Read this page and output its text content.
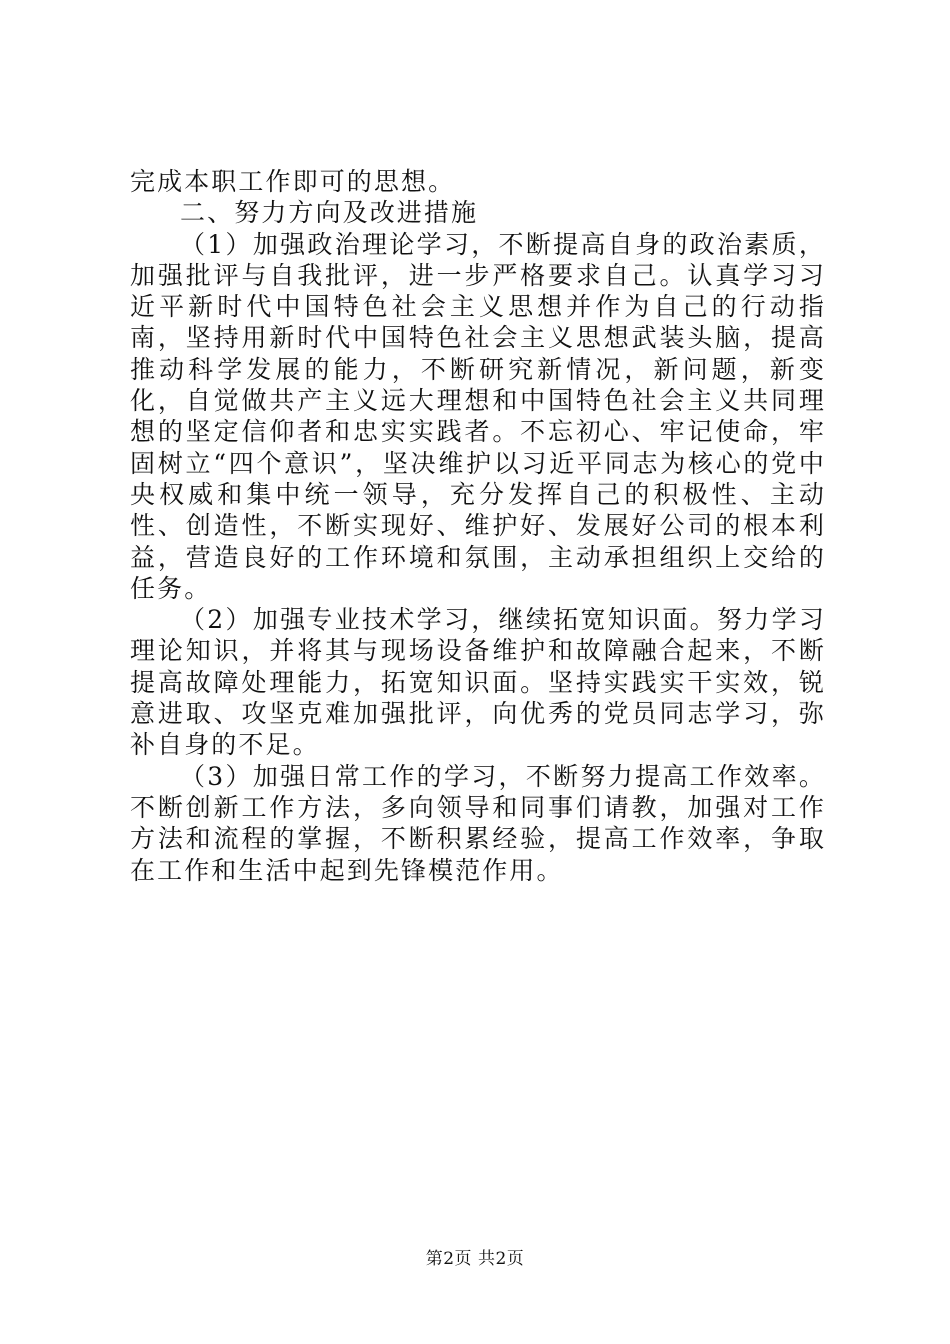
完成本职工作即可的思想。

二、努力方向及改进措施

（1）加强政治理论学习，不断提高自身的政治素质，加强批评与自我批评，进一步严格要求自己。认真学习习近平新时代中国特色社会主义思想并作为自己的行动指南，坚持用新时代中国特色社会主义思想武装头脑，提高推动科学发展的能力，不断研究新情况，新问题，新变化，自觉做共产主义远大理想和中国特色社会主义共同理想的坚定信仰者和忠实实践者。不忘初心、牢记使命，牢固树立“四个意识”，坚决维护以习近平同志为核心的党中央权威和集中统一领导，充分发挥自己的积极性、主动性、创造性，不断实现好、维护好、发展好公司的根本利益，营造良好的工作环境和氛围，主动承担组织上交给的任务。

（2）加强专业技术学习，继续拓宽知识面。努力学习理论知识，并将其与现场设备维护和故障融合起来，不断提高故障处理能力，拓宽知识面。坚持实践实干实效，锐意进取、攻坚克难加强批评，向优秀的党员同志学习，弥补自身的不足。

（3）加强日常工作的学习，不断努力提高工作效率。不断创新工作方法，多向领导和同事们请教，加强对工作方法和流程的掌握，不断积累经验，提高工作效率，争取在工作和生活中起到先锋模范作用。

第2页 共2页
